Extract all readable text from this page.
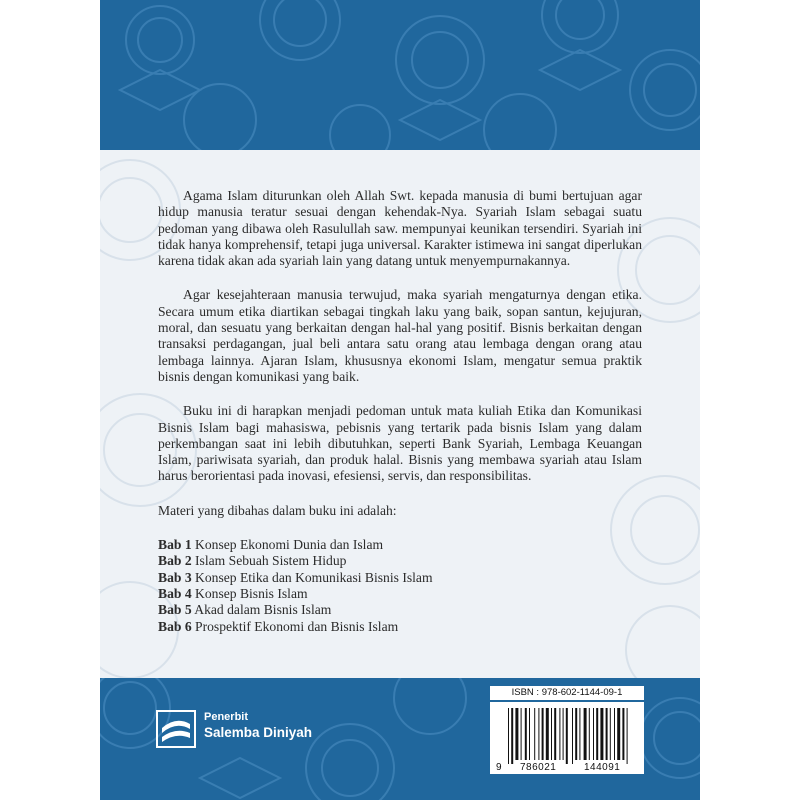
Agama Islam diturunkan oleh Allah Swt. kepada manusia di bumi bertujuan agar hidup manusia teratur sesuai dengan kehendak-Nya. Syariah Islam sebagai suatu pedoman yang dibawa oleh Rasulullah saw. mempunyai keunikan tersendiri. Syariah ini tidak hanya komprehensif, tetapi juga universal. Karakter istimewa ini sangat diperlukan karena tidak akan ada syariah lain yang datang untuk menyempurnakannya.

Agar kesejahteraan manusia terwujud, maka syariah mengaturnya dengan etika. Secara umum etika diartikan sebagai tingkah laku yang baik, sopan santun, kejujuran, moral, dan sesuatu yang berkaitan dengan hal-hal yang positif. Bisnis berkaitan dengan transaksi perdagangan, jual beli antara satu orang atau lembaga dengan orang atau lembaga lainnya. Ajaran Islam, khususnya ekonomi Islam, mengatur semua praktik bisnis dengan komunikasi yang baik.

Buku ini di harapkan menjadi pedoman untuk mata kuliah Etika dan Komunikasi Bisnis Islam bagi mahasiswa, pebisnis yang tertarik pada bisnis Islam yang dalam perkembangan saat ini lebih dibutuhkan, seperti Bank Syariah, Lembaga Keuangan Islam, pariwisata syariah, dan produk halal. Bisnis yang membawa syariah atau Islam harus berorientasi pada inovasi, efesiensi, servis, dan responsibilitas.

Materi yang dibahas dalam buku ini adalah:

Bab 1 Konsep Ekonomi Dunia dan Islam
Bab 2 Islam Sebuah Sistem Hidup
Bab 3 Konsep Etika dan Komunikasi Bisnis Islam
Bab 4 Konsep Bisnis Islam
Bab 5 Akad dalam Bisnis Islam
Bab 6 Prospektif Ekonomi dan Bisnis Islam
Penerbit
Salemba Diniyah
ISBN : 978-602-1144-09-1
9 786021	144091
